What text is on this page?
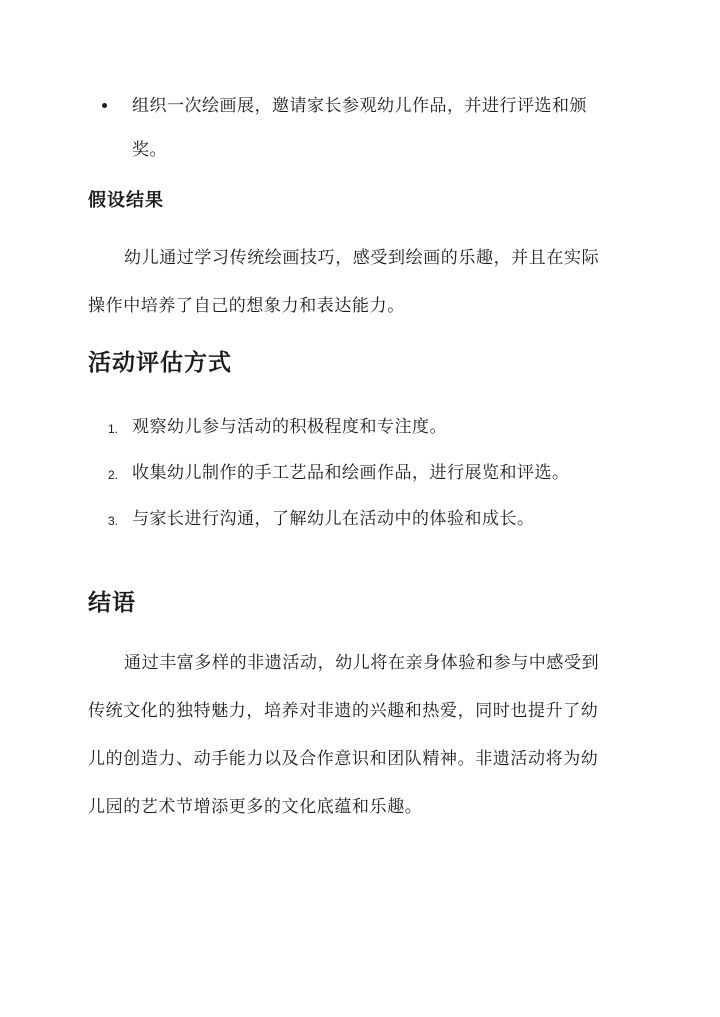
组织一次绘画展，邀请家长参观幼儿作品，并进行评选和颁
奖。
假设结果
幼儿通过学习传统绘画技巧，感受到绘画的乐趣，并且在实际
操作中培养了自己的想象力和表达能力。
活动评估方式
1. 观察幼儿参与活动的积极程度和专注度。
2. 收集幼儿制作的手工艺品和绘画作品，进行展览和评选。
3. 与家长进行沟通，了解幼儿在活动中的体验和成长。
结语
通过丰富多样的非遗活动，幼儿将在亲身体验和参与中感受到
传统文化的独特魅力，培养对非遗的兴趣和热爱，同时也提升了幼
儿的创造力、动手能力以及合作意识和团队精神。非遗活动将为幼
儿园的艺术节增添更多的文化底蕴和乐趣。
